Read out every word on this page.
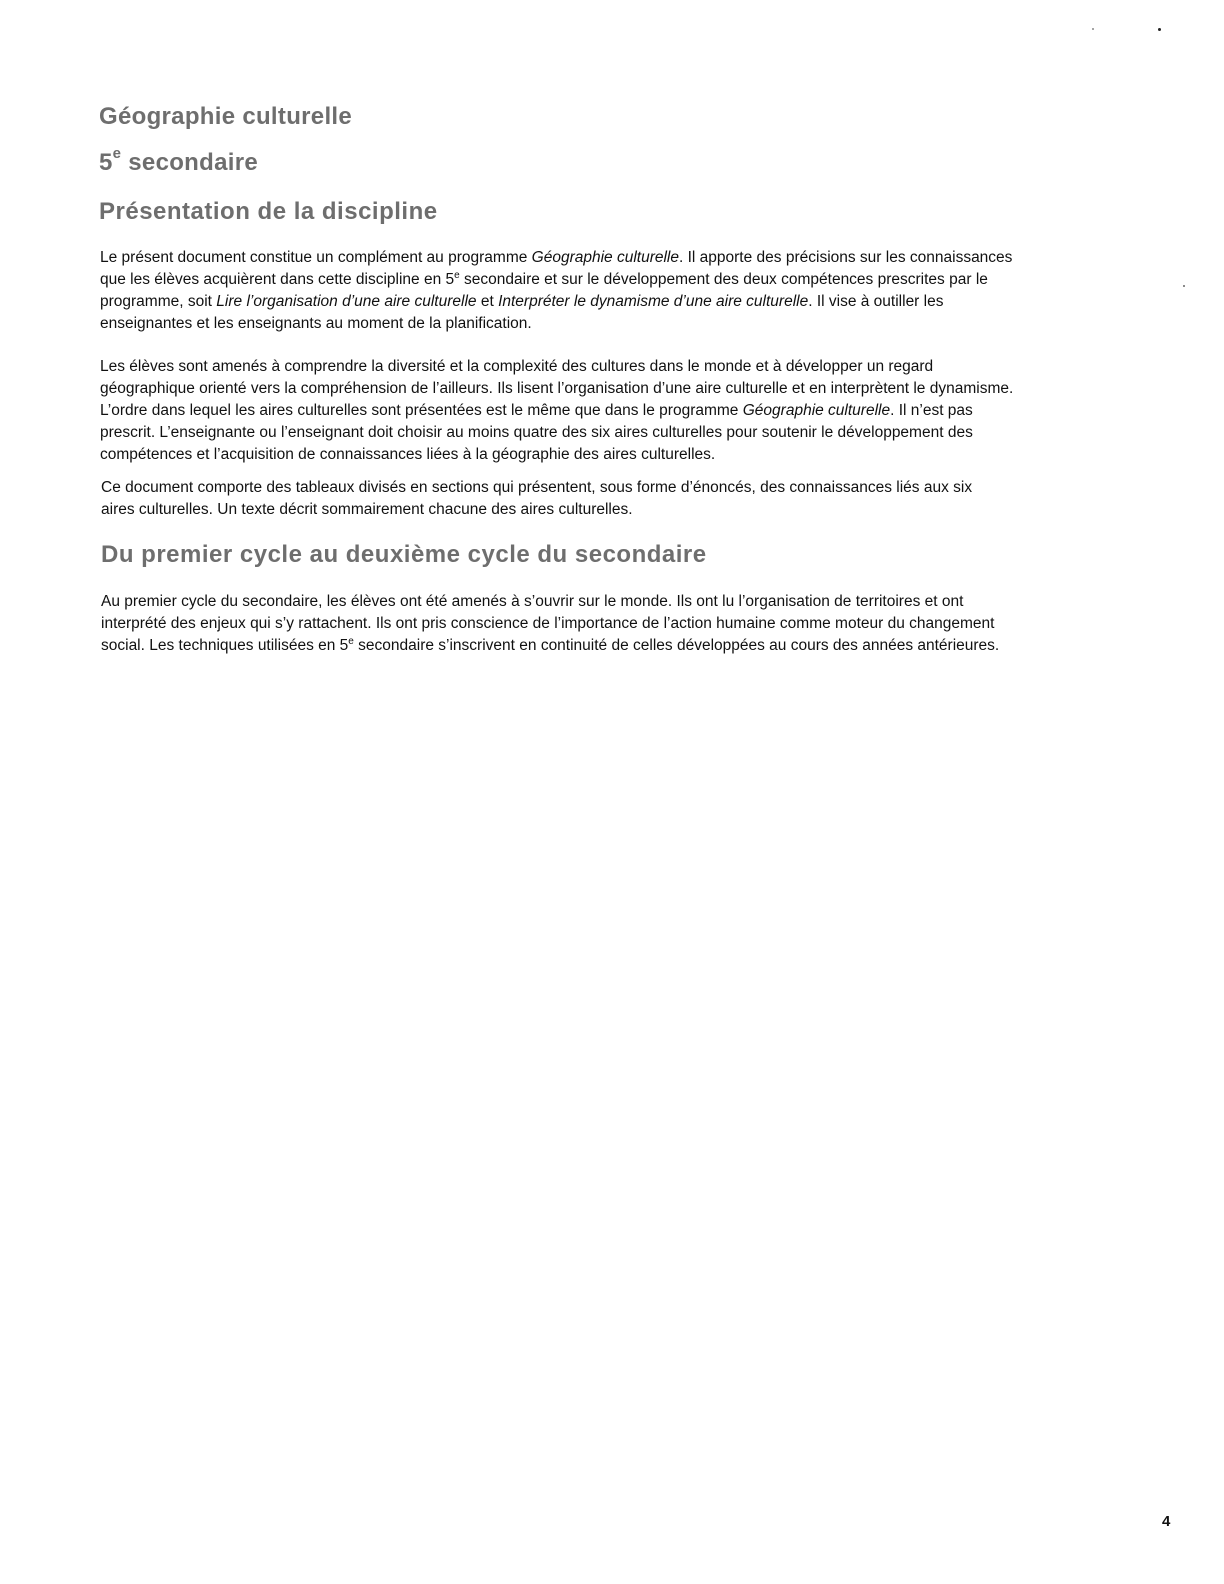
Géographie culturelle
5e secondaire
Présentation de la discipline

Le présent document constitue un complément au programme Géographie culturelle. Il apporte des précisions sur les connaissances que les élèves acquièrent dans cette discipline en 5e secondaire et sur le développement des deux compétences prescrites par le programme, soit Lire l’organisation d’une aire culturelle et Interpréter le dynamisme d’une aire culturelle. Il vise à outiller les enseignantes et les enseignants au moment de la planification.

Les élèves sont amenés à comprendre la diversité et la complexité des cultures dans le monde et à développer un regard géographique orienté vers la compréhension de l’ailleurs. Ils lisent l’organisation d’une aire culturelle et en interprètent le dynamisme. L’ordre dans lequel les aires culturelles sont présentées est le même que dans le programme Géographie culturelle. Il n’est pas prescrit. L’enseignante ou l’enseignant doit choisir au moins quatre des six aires culturelles pour soutenir le développement des compétences et l’acquisition de connaissances liées à la géographie des aires culturelles.

Ce document comporte des tableaux divisés en sections qui présentent, sous forme d’énoncés, des connaissances liés aux six aires culturelles. Un texte décrit sommairement chacune des aires culturelles.

Du premier cycle au deuxième cycle du secondaire

Au premier cycle du secondaire, les élèves ont été amenés à s’ouvrir sur le monde. Ils ont lu l’organisation de territoires et ont interprété des enjeux qui s’y rattachent. Ils ont pris conscience de l’importance de l’action humaine comme moteur du changement social. Les techniques utilisées en 5e secondaire s’inscrivent en continuité de celles développées au cours des années antérieures.

4
